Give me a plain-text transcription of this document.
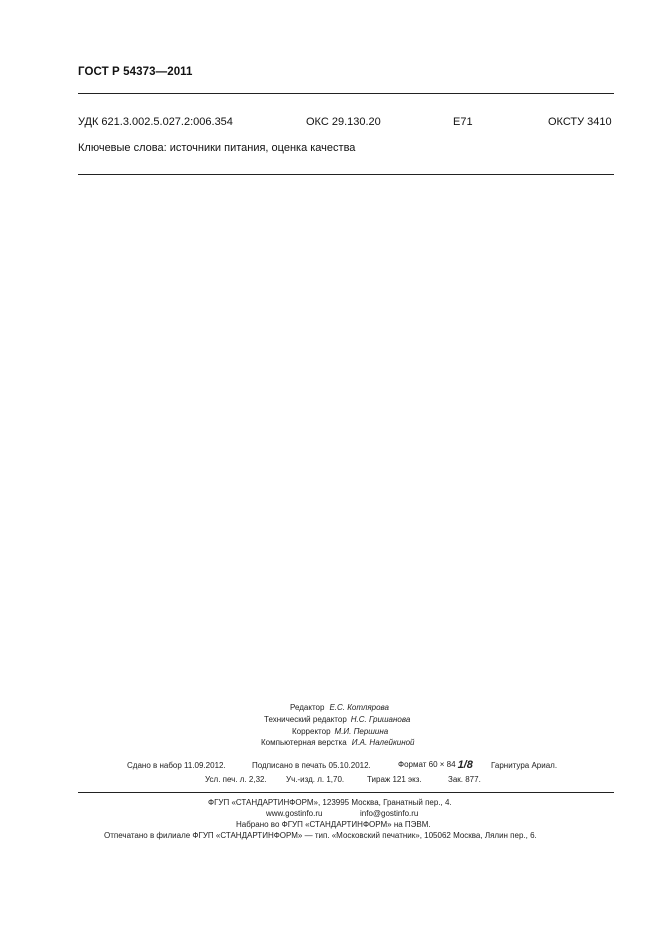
ГОСТ Р 54373—2011
УДК 621.3.002.5.027.2:006.354	ОКС 29.130.20	Е71	ОКСТУ 3410
Ключевые слова: источники питания, оценка качества
Редактор Е.С. Котлярова
Технический редактор Н.С. Гришанова
Корректор М.И. Першина
Компьютерная верстка И.А. Налейкиной
Сдано в набор 11.09.2012.	Подписано в печать 05.10.2012.	Формат 60 × 84 1/8 Гарнитура Ариал.
Усл. печ. л. 2,32. Уч.-изд. л. 1,70.	Тираж 121 экз.	Зак. 877.
ФГУП «СТАНДАРТИНФОРМ», 123995 Москва, Гранатный пер., 4.
www.gostinfo.ru	info@gostinfo.ru
Набрано во ФГУП «СТАНДАРТИНФОРМ» на ПЭВМ.
Отпечатано в филиале ФГУП «СТАНДАРТИНФОРМ» — тип. «Московский печатник», 105062 Москва, Лялин пер., 6.
